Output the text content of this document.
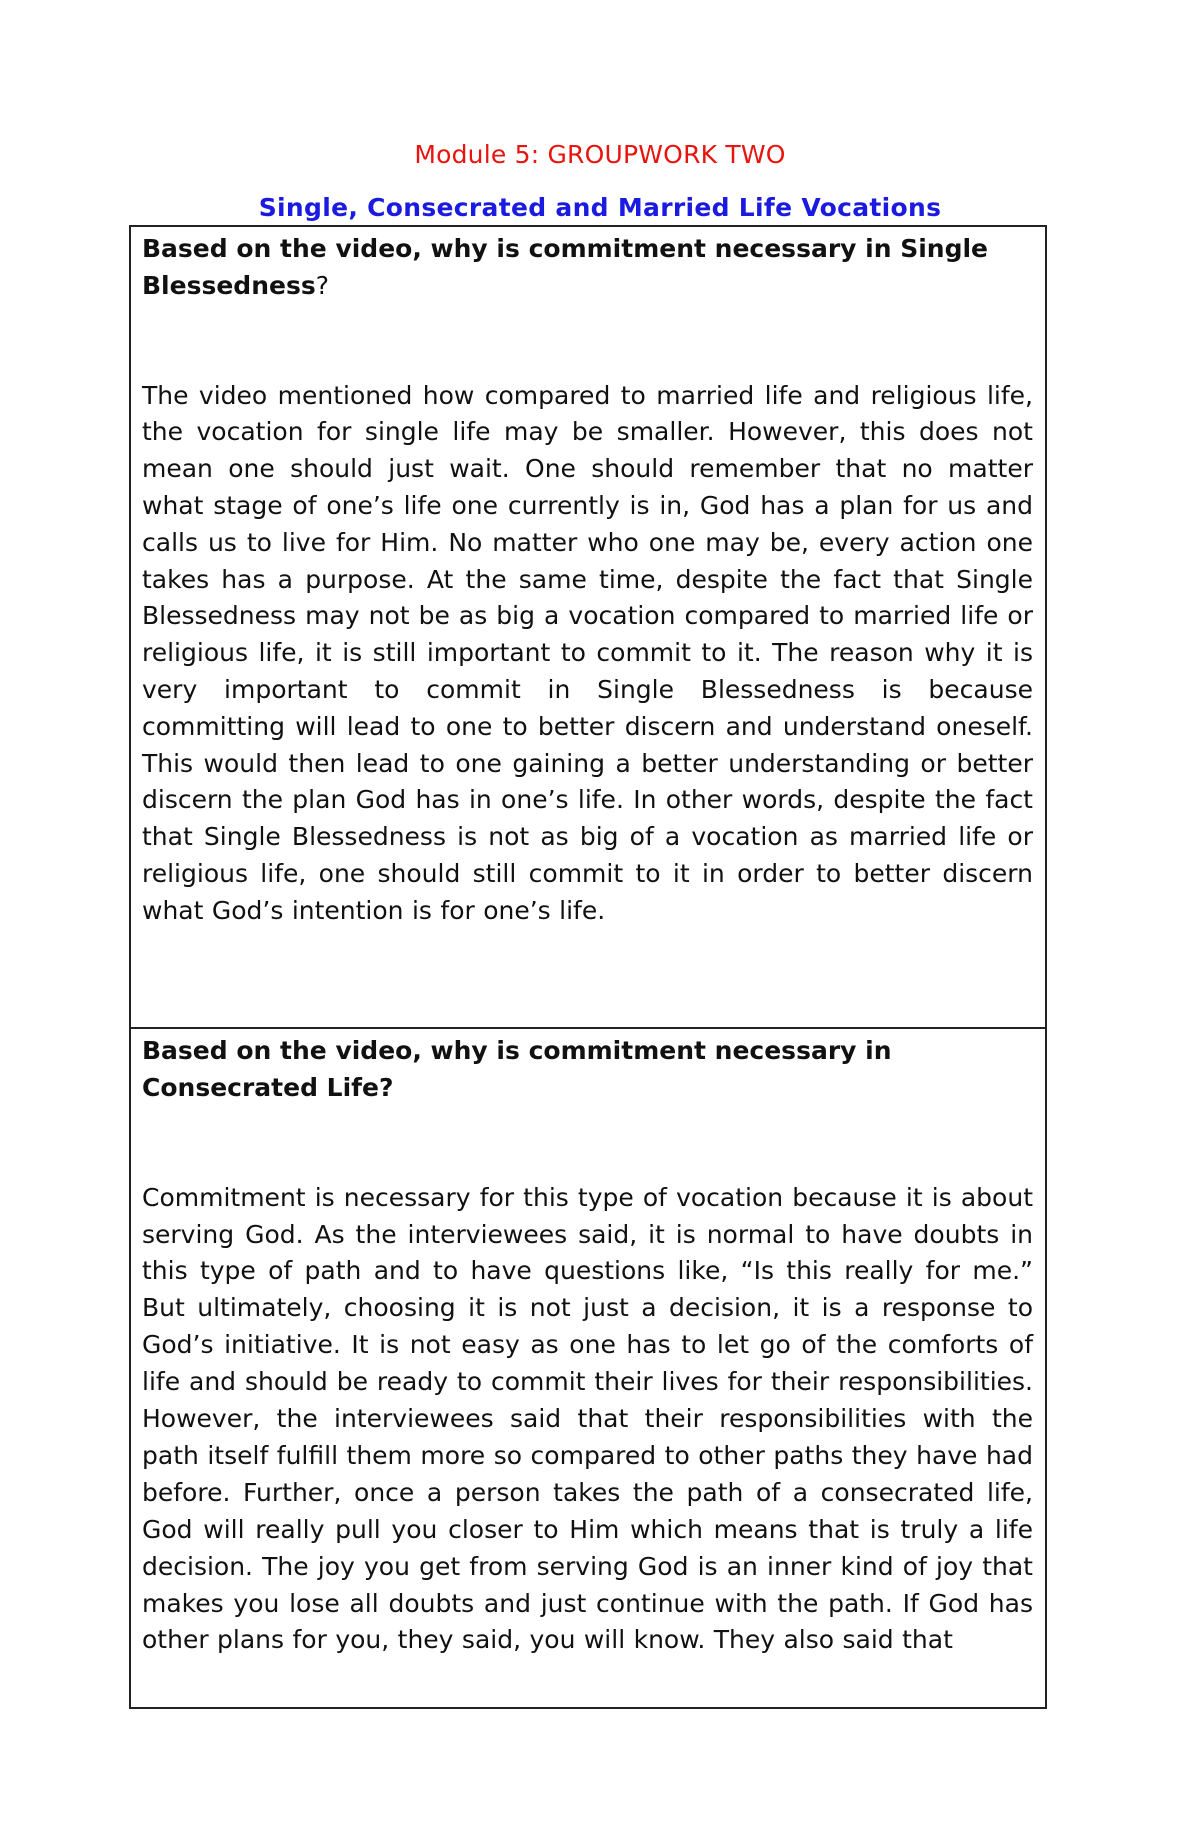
Module 5: GROUPWORK TWO
Single, Consecrated and Married Life Vocations

Based on the video, why is commitment necessary in Single Blessedness?

The video mentioned how compared to married life and religious life, the vocation for single life may be smaller. However, this does not mean one should just wait. One should remember that no matter what stage of one’s life one currently is in, God has a plan for us and calls us to live for Him. No matter who one may be, every action one takes has a purpose. At the same time, despite the fact that Single Blessedness may not be as big a vocation compared to married life or religious life, it is still important to commit to it. The reason why it is very important to commit in Single Blessedness is because committing will lead to one to better discern and understand oneself. This would then lead to one gaining a better understanding or better discern the plan God has in one’s life. In other words, despite the fact that Single Blessedness is not as big of a vocation as married life or religious life, one should still commit to it in order to better discern what God’s intention is for one’s life.

Based on the video, why is commitment necessary in Consecrated Life?

Commitment is necessary for this type of vocation because it is about serving God. As the interviewees said, it is normal to have doubts in this type of path and to have questions like, “Is this really for me.” But ultimately, choosing it is not just a decision, it is a response to God’s initiative. It is not easy as one has to let go of the comforts of life and should be ready to commit their lives for their responsibilities. However, the interviewees said that their responsibilities with the path itself fulfill them more so compared to other paths they have had before. Further, once a person takes the path of a consecrated life, God will really pull you closer to Him which means that is truly a life decision. The joy you get from serving God is an inner kind of joy that makes you lose all doubts and just continue with the path. If God has other plans for you, they said, you will know. They also said that
